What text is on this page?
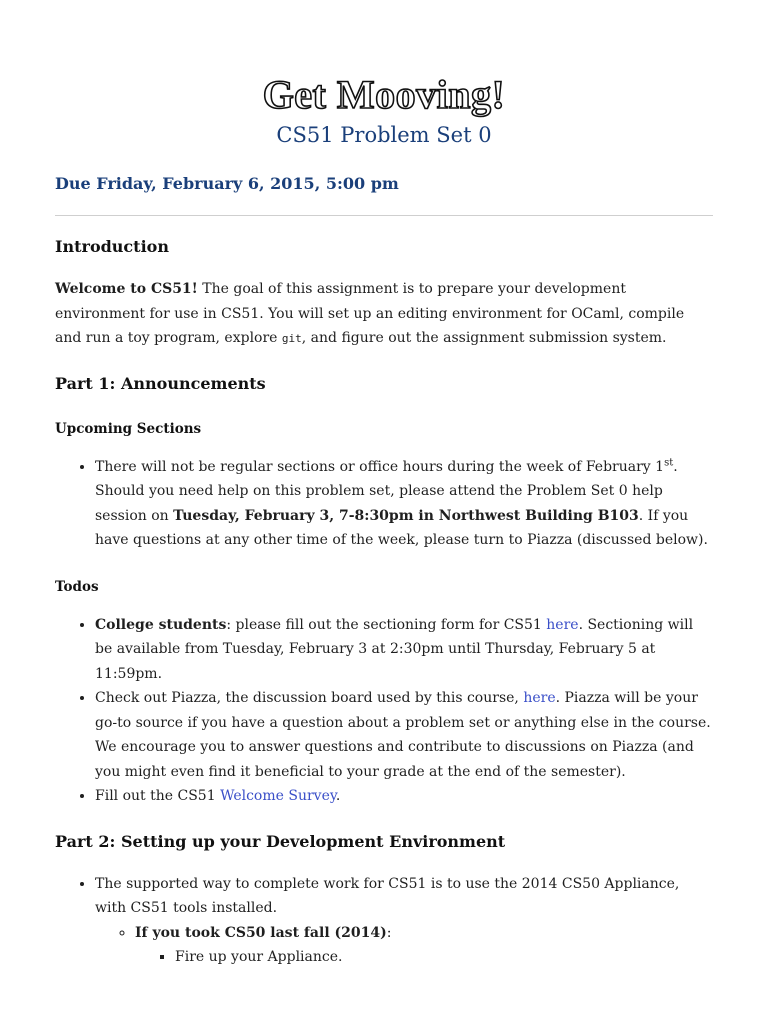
Get Mooving!
CS51 Problem Set 0
Due Friday, February 6, 2015, 5:00 pm
Introduction

Welcome to CS51! The goal of this assignment is to prepare your development environment for use in CS51. You will set up an editing environment for OCaml, compile and run a toy program, explore git, and figure out the assignment submission system.

Part 1: Announcements
Upcoming Sections
• There will not be regular sections or office hours during the week of February 1st. Should you need help on this problem set, please attend the Problem Set 0 help session on Tuesday, February 3, 7-8:30pm in Northwest Building B103. If you have questions at any other time of the week, please turn to Piazza (discussed below).
Todos
• College students: please fill out the sectioning form for CS51 here. Sectioning will be available from Tuesday, February 3 at 2:30pm until Thursday, February 5 at 11:59pm.
• Check out Piazza, the discussion board used by this course, here. Piazza will be your go-to source if you have a question about a problem set or anything else in the course. We encourage you to answer questions and contribute to discussions on Piazza (and you might even find it beneficial to your grade at the end of the semester).
• Fill out the CS51 Welcome Survey.
Part 2: Setting up your Development Environment
• The supported way to complete work for CS51 is to use the 2014 CS50 Appliance, with CS51 tools installed.
◦ If you took CS50 last fall (2014):
▪ Fire up your Appliance.
